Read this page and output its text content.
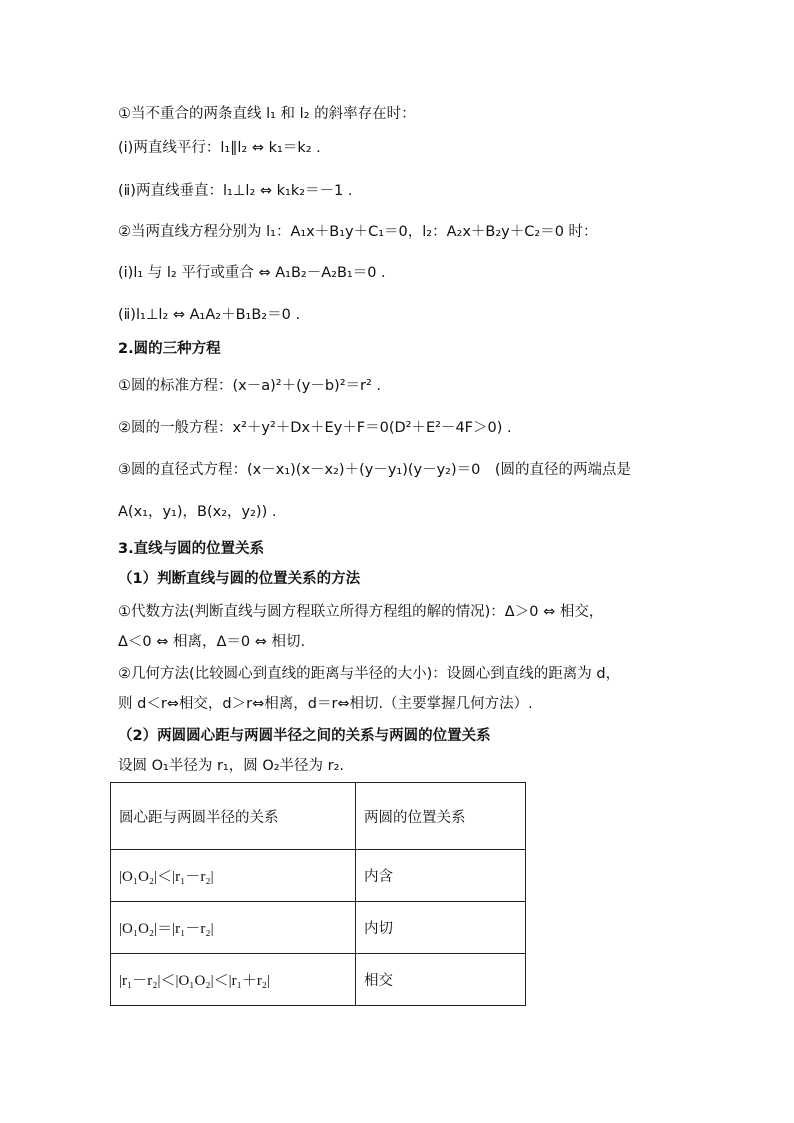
①当不重合的两条直线 l₁ 和 l₂ 的斜率存在时：
(ⅰ)两直线平行：l₁∥l₂ ⇔ k₁＝k₂ .
(ⅱ)两直线垂直：l₁⊥l₂ ⇔ k₁k₂＝－1 .
②当两直线方程分别为 l₁：A₁x＋B₁y＋C₁＝0，l₂：A₂x＋B₂y＋C₂＝0 时：
(ⅰ)l₁ 与 l₂ 平行或重合 ⇔ A₁B₂－A₂B₁＝0 .
(ⅱ)l₁⊥l₂ ⇔ A₁A₂＋B₁B₂＝0 .
2.圆的三种方程
①圆的标准方程：(x－a)²＋(y－b)²＝r² .
②圆的一般方程：x²＋y²＋Dx＋Ey＋F＝0(D²＋E²－4F＞0) .
③圆的直径式方程：(x－x₁)(x－x₂)＋(y－y₁)(y－y₂)＝0　(圆的直径的两端点是
A(x₁，y₁)，B(x₂，y₂)) .
3.直线与圆的位置关系
（1）判断直线与圆的位置关系的方法
①代数方法(判断直线与圆方程联立所得方程组的解的情况)：Δ＞0 ⇔ 相交，
Δ＜0 ⇔ 相离，Δ＝0 ⇔ 相切.
②几何方法(比较圆心到直线的距离与半径的大小)：设圆心到直线的距离为 d，
则 d＜r⇔相交，d＞r⇔相离，d＝r⇔相切.（主要掌握几何方法）.
（2）两圆圆心距与两圆半径之间的关系与两圆的位置关系
设圆 O₁半径为 r₁，圆 O₂半径为 r₂.
圆心距与两圆半径的关系	两圆的位置关系
|O₁O₂|＜|r₁－r₂|	内含
|O₁O₂|＝|r₁－r₂|	内切
|r₁－r₂|＜|O₁O₂|＜|r₁＋r₂|	相交
